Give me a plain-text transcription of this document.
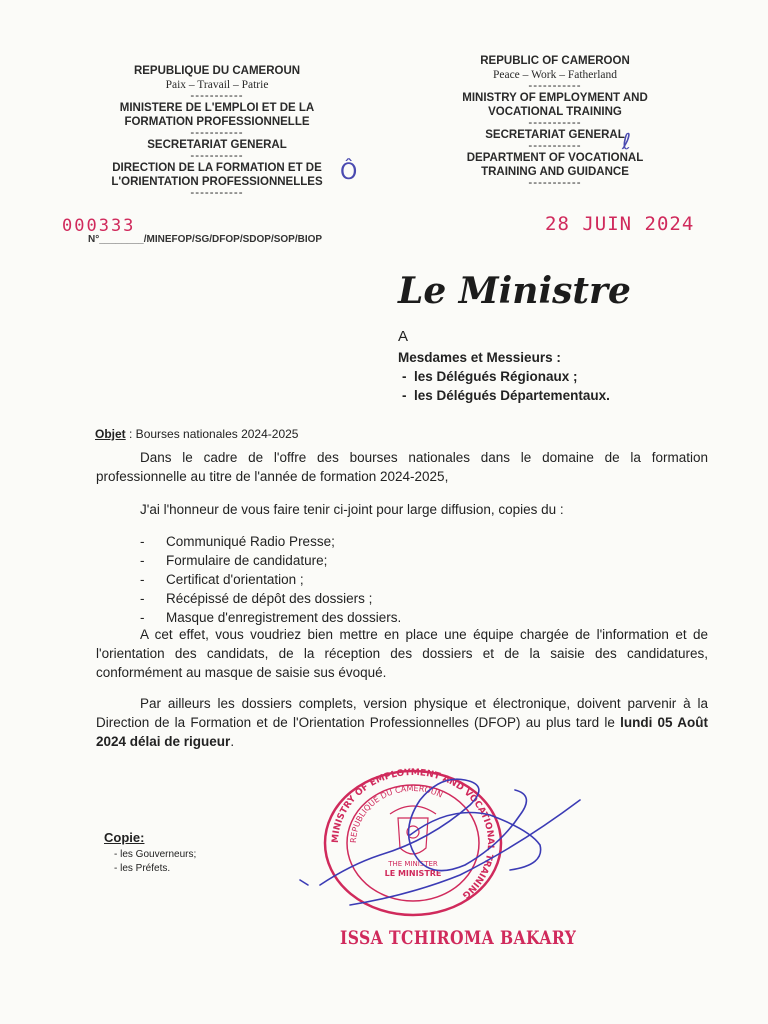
REPUBLIQUE DU CAMEROUN
Paix – Travail – Patrie
-----------
MINISTERE DE L'EMPLOI ET DE LA FORMATION PROFESSIONNELLE
-----------
SECRETARIAT GENERAL
-----------
DIRECTION DE LA FORMATION ET DE L'ORIENTATION PROFESSIONNELLES
-----------
REPUBLIC OF CAMEROON
Peace – Work – Fatherland
-----------
MINISTRY OF EMPLOYMENT AND VOCATIONAL TRAINING
-----------
SECRETARIAT GENERAL
-----------
DEPARTMENT OF VOCATIONAL TRAINING AND GUIDANCE
-----------
000333
N°________/MINEFOP/SG/DFOP/SDOP/SOP/BIOP
28 JUIN 2024
Le Ministre
A
Mesdames et Messieurs :
-  les Délégués Régionaux ;
-  les Délégués Départementaux.
Objet : Bourses nationales 2024-2025
Dans le cadre de l'offre des bourses nationales dans le domaine de la formation professionnelle au titre de l'année de formation 2024-2025,
J'ai l'honneur de vous faire tenir ci-joint pour large diffusion, copies du :
- Communiqué Radio Presse;
- Formulaire de candidature;
- Certificat d'orientation ;
- Récépissé de dépôt des dossiers ;
- Masque d'enregistrement des dossiers.
A cet effet, vous voudriez bien mettre en place une équipe chargée de l'information et de l'orientation des candidats, de la réception des dossiers et de la saisie des candidatures, conformément au masque de saisie sus évoqué.
Par ailleurs les dossiers complets, version physique et électronique, doivent parvenir à la Direction de la Formation et de l'Orientation Professionnelles (DFOP) au plus tard le lundi 05 Août 2024 délai de rigueur.
Copie:
- les Gouverneurs;
- les Préfets.
MINISTRY OF EMPLOYMENT AND VOCATIONAL TRAINING
REPUBLIQUE DU CAMEROUN
LE MINISTRE
THE MINISTER
ISSA TCHIROMA BAKARY
Ô
ℓ
